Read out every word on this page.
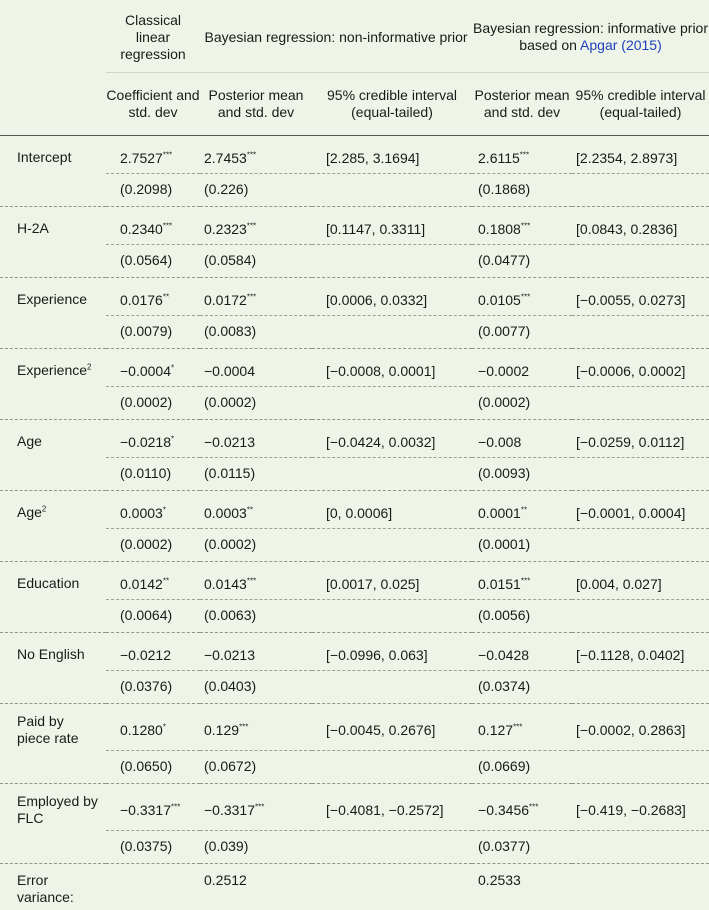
	Classical linear regression	Bayesian regression: non-informative prior		Bayesian regression: informative prior based on Apgar (2015)	
	Coefficient and std. dev	Posterior mean and std. dev	95% credible interval (equal-tailed)	Posterior mean and std. dev	95% credible interval (equal-tailed)
Intercept	2.7527***	2.7453***	[2.285, 3.1694]	2.6115***	[2.2354, 2.8973]
	(0.2098)	(0.226)		(0.1868)	
H-2A	0.2340***	0.2323***	[0.1147, 0.3311]	0.1808***	[0.0843, 0.2836]
	(0.0564)	(0.0584)		(0.0477)	
Experience	0.0176**	0.0172***	[0.0006, 0.0332]	0.0105***	[−0.0055, 0.0273]
	(0.0079)	(0.0083)		(0.0077)	
Experience$^2$	−0.0004*	−0.0004	[−0.0008, 0.0001]	−0.0002	[−0.0006, 0.0002]
	(0.0002)	(0.0002)		(0.0002)	
Age	−0.0218*	−0.0213	[−0.0424, 0.0032]	−0.008	[−0.0259, 0.0112]
	(0.0110)	(0.0115)		(0.0093)	
Age$^2$	0.0003*	0.0003**	[0, 0.0006]	0.0001**	[−0.0001, 0.0004]
	(0.0002)	(0.0002)		(0.0001)	
Education	0.0142**	0.0143***	[0.0017, 0.025]	0.0151***	[0.004, 0.027]
	(0.0064)	(0.0063)		(0.0056)	
No English	−0.0212	−0.0213	[−0.0996, 0.063]	−0.0428	[−0.1128, 0.0402]
	(0.0376)	(0.0403)		(0.0374)	
Paid by piece rate	0.1280*	0.129***	[−0.0045, 0.2676]	0.127***	[−0.0002, 0.2863]
	(0.0650)	(0.0672)		(0.0669)	
Employed by FLC	−0.3317***	−0.3317***	[−0.4081, −0.2572]	−0.3456***	[−0.419, −0.2683]
	(0.0375)	(0.039)		(0.0377)	
Error variance:		0.2512		0.2533	
